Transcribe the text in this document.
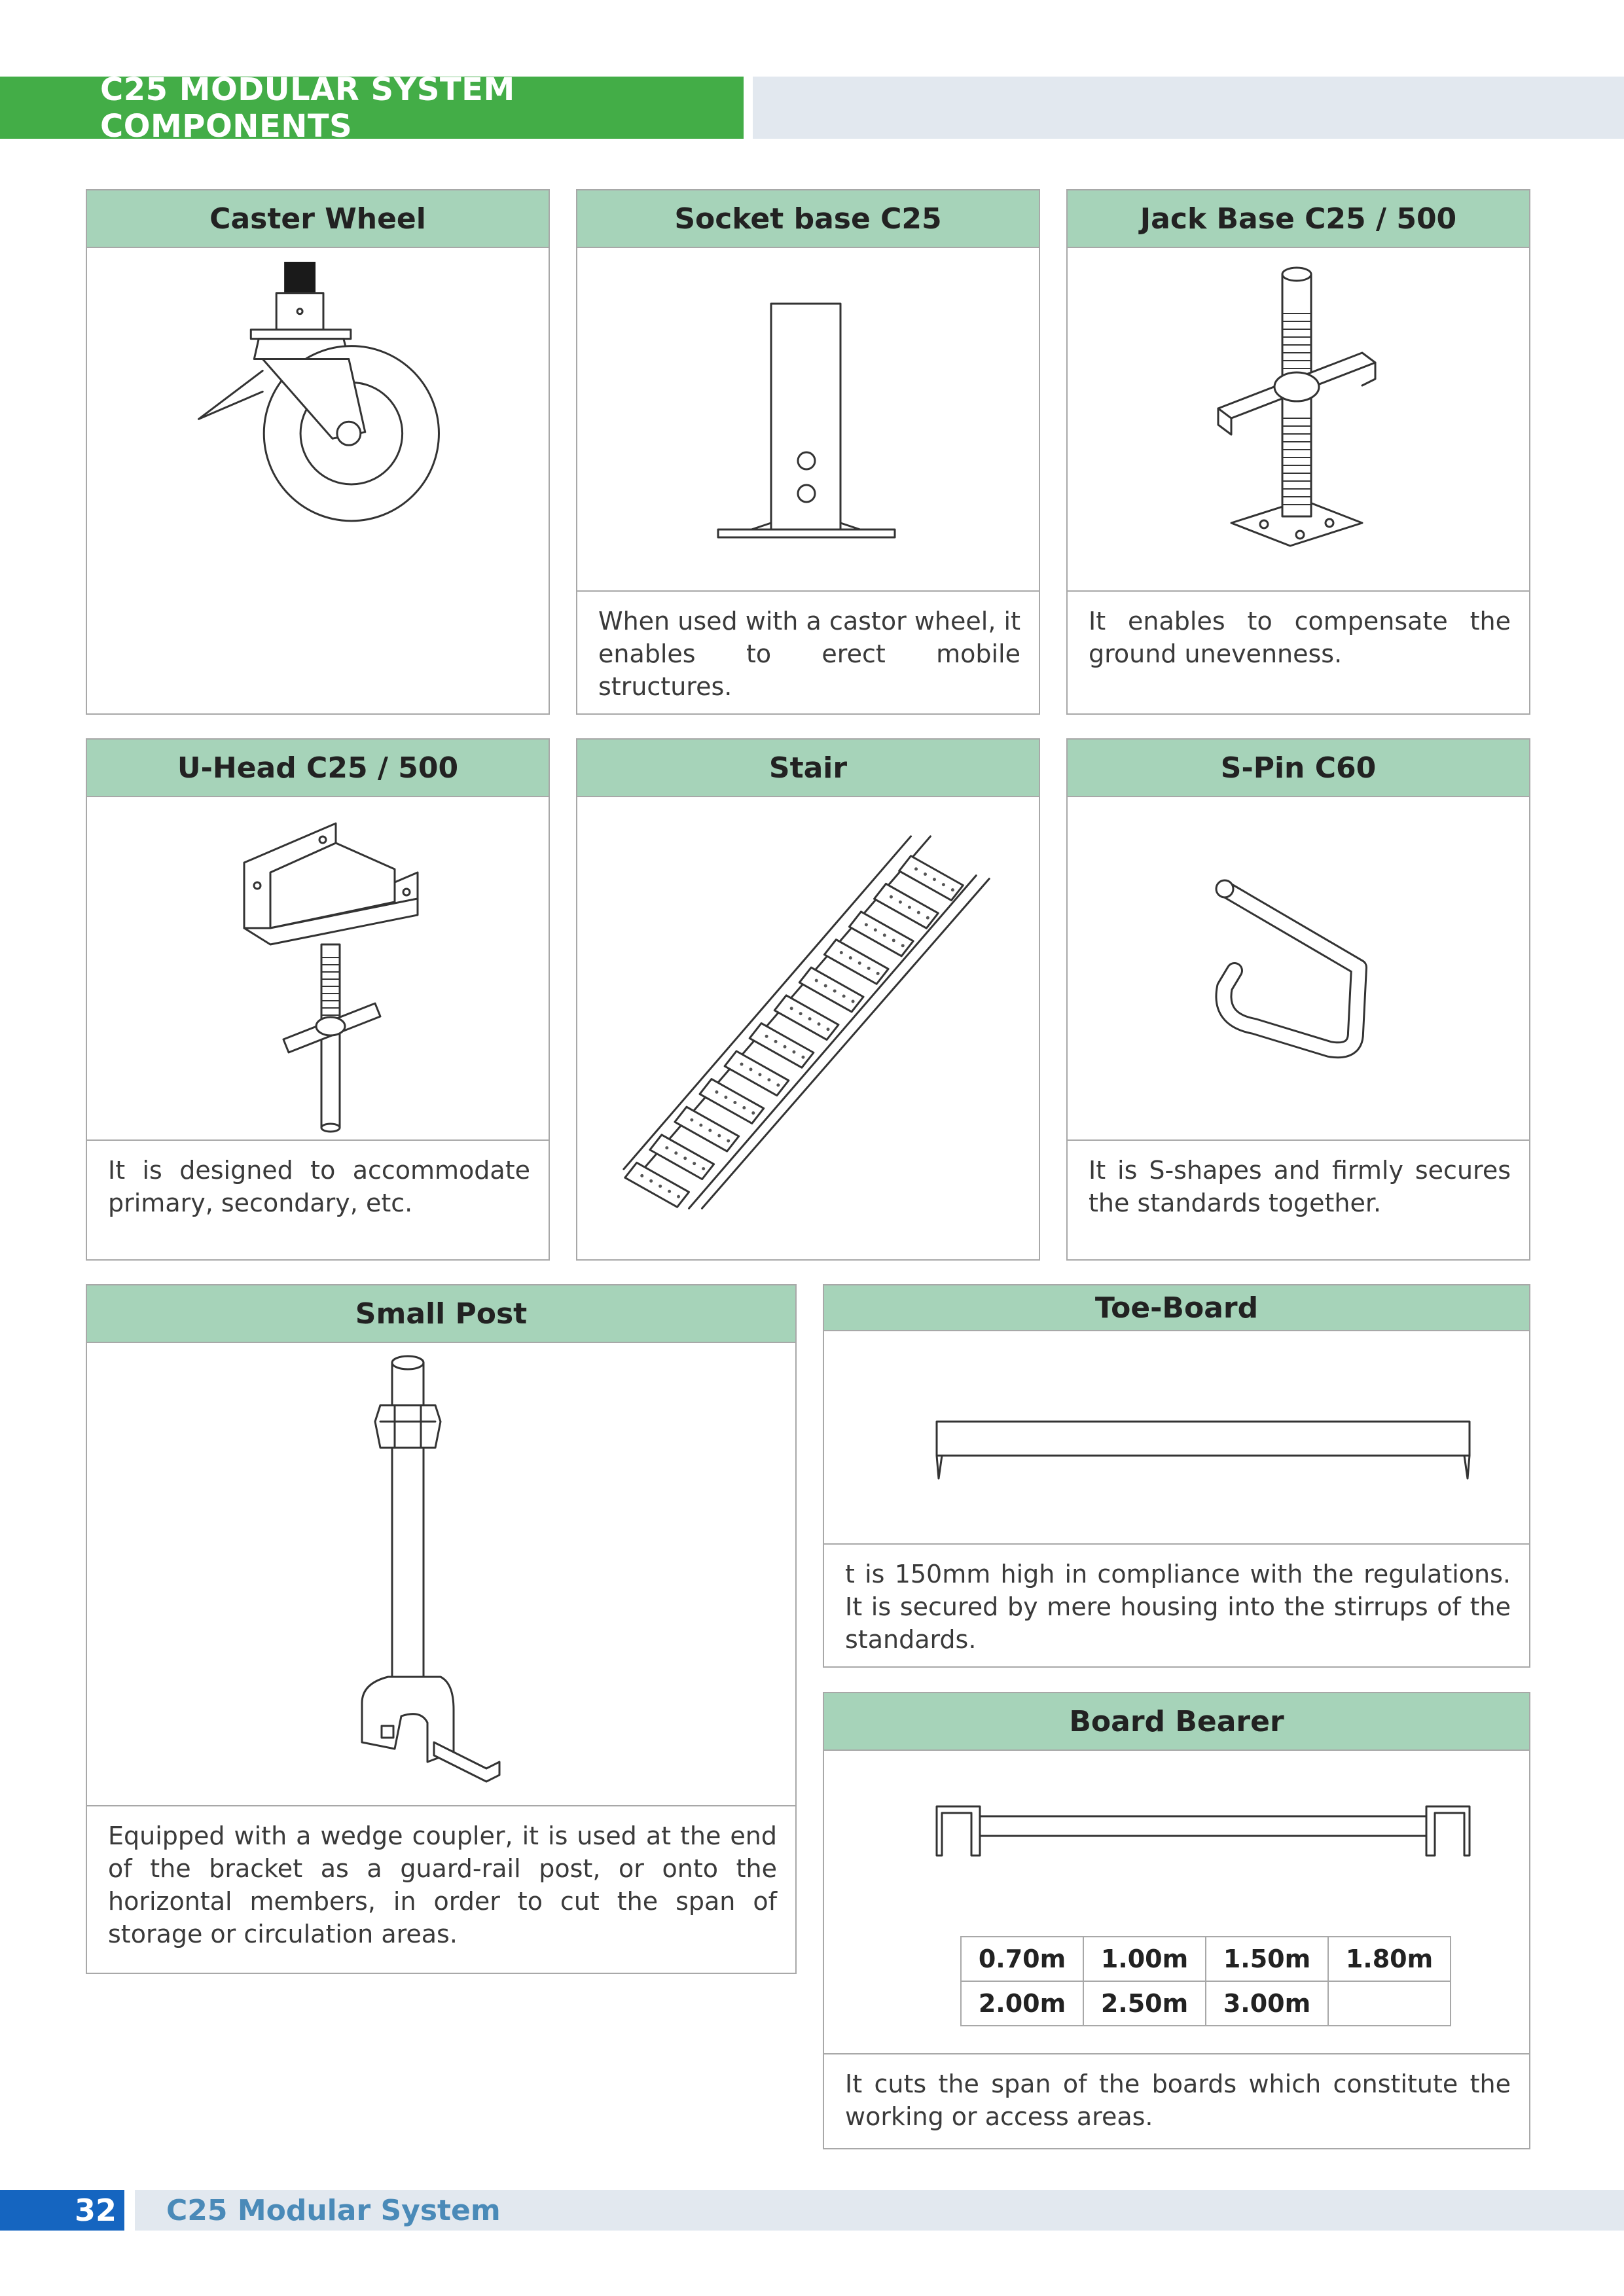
C25 MODULAR SYSTEM COMPONENTS
Caster Wheel	Socket base C25
When used with a castor wheel, it enables to erect mobile structures.
Jack Base C25 / 500
It enables to compensate the ground unevenness.
U-Head C25 / 500
It is designed to accommodate primary, secondary, etc.
Stair	S-Pin C60
It is S-shapes and firmly secures the standards together.
Small Post
Equipped with a wedge coupler, it is used at the end of the bracket as a guard-rail post, or onto the horizontal members, in order to cut the span of storage or circulation areas.
Toe-Board
t is 150mm high in compliance with the regulations. It is secured by mere housing into the stirrups of the standards.
Board Bearer
It cuts the span of the boards which constitute the working or access areas.
0.70m	1.00m	1.50m	1.80m
2.00m	2.50m	3.00m	
32	C25 Modular System
